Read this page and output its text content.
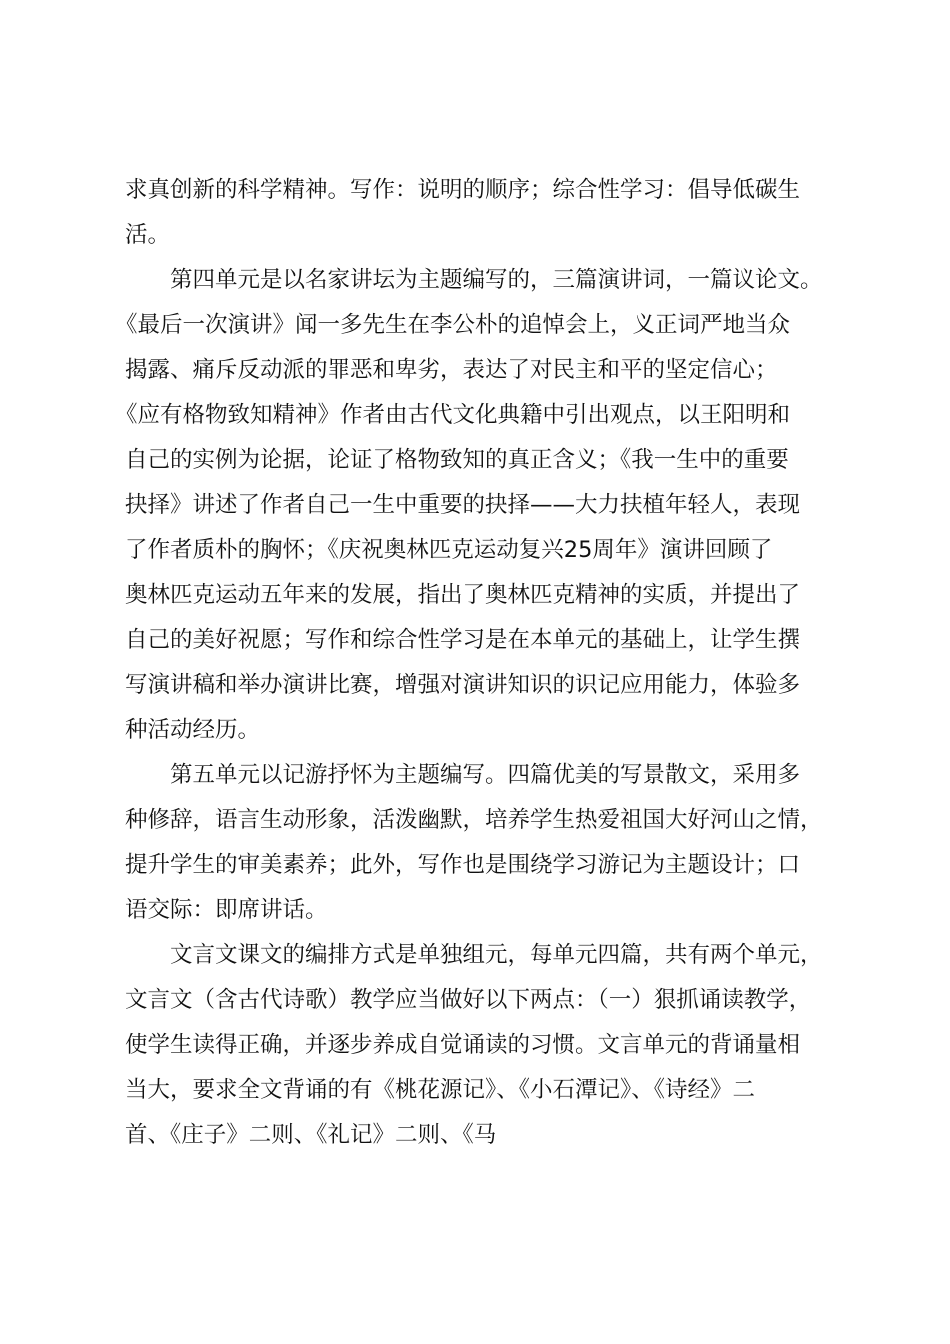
求真创新的科学精神。写作：说明的顺序；综合性学习：倡导低碳生
活。

第四单元是以名家讲坛为主题编写的，三篇演讲词，一篇议论文。
《最后一次演讲》闻一多先生在李公朴的追悼会上，义正词严地当众
揭露、痛斥反动派的罪恶和卑劣，表达了对民主和平的坚定信心；
《应有格物致知精神》作者由古代文化典籍中引出观点，以王阳明和
自己的实例为论据，论证了格物致知的真正含义；《我一生中的重要
抉择》讲述了作者自己一生中重要的抉择——大力扶植年轻人，表现
了作者质朴的胸怀；《庆祝奥林匹克运动复兴25周年》演讲回顾了
奥林匹克运动五年来的发展，指出了奥林匹克精神的实质，并提出了
自己的美好祝愿；写作和综合性学习是在本单元的基础上，让学生撰
写演讲稿和举办演讲比赛，增强对演讲知识的识记应用能力，体验多
种活动经历。

第五单元以记游抒怀为主题编写。四篇优美的写景散文，采用多
种修辞，语言生动形象，活泼幽默，培养学生热爱祖国大好河山之情，
提升学生的审美素养；此外，写作也是围绕学习游记为主题设计；口
语交际：即席讲话。

文言文课文的编排方式是单独组元，每单元四篇，共有两个单元，
文言文（含古代诗歌）教学应当做好以下两点：（一）狠抓诵读教学，
使学生读得正确，并逐步养成自觉诵读的习惯。文言单元的背诵量相
当大，要求全文背诵的有《桃花源记》、《小石潭记》、《诗经》二
首、《庄子》二则、《礼记》二则、《马
